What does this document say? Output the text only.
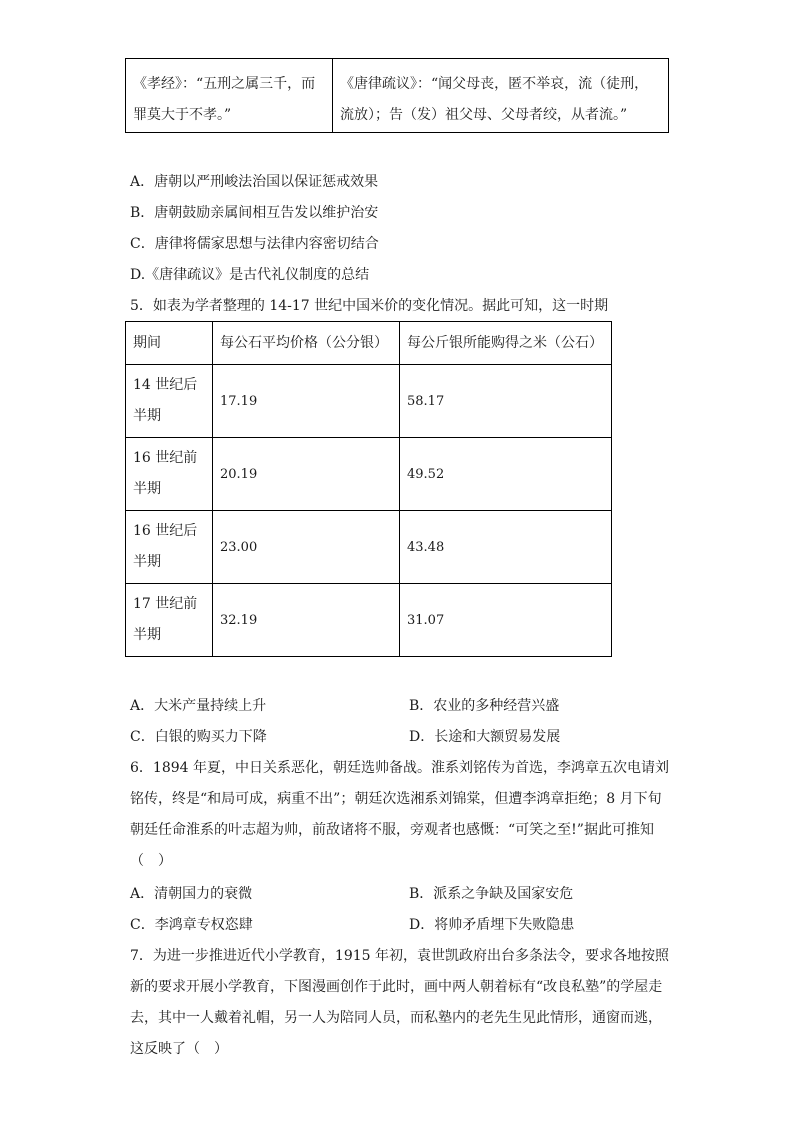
《孝经》：“五刑之属三千，而罪莫大于不孝。”
《唐律疏议》：“闻父母丧，匿不举哀，流（徒刑，流放）；告（发）祖父母、父母者绞，从者流。”
A．唐朝以严刑峻法治国以保证惩戒效果
B．唐朝鼓励亲属间相互告发以维护治安
C．唐律将儒家思想与法律内容密切结合
D.《唐律疏议》是古代礼仪制度的总结
5．如表为学者整理的 14-17 世纪中国米价的变化情况。据此可知，这一时期
期间	每公石平均价格（公分银）	每公斤银所能购得之米（公石）
14 世纪后半期	17.19	58.17
16 世纪前半期	20.19	49.52
16 世纪后半期	23.00	43.48
17 世纪前半期	32.19	31.07
A．大米产量持续上升	B．农业的多种经营兴盛
C．白银的购买力下降	D．长途和大额贸易发展
6．1894 年夏，中日关系恶化，朝廷选帅备战。淮系刘铭传为首选，李鸿章五次电请刘铭传，终是“和局可成，病重不出”；朝廷次选湘系刘锦棠，但遭李鸿章拒绝；8 月下旬朝廷任命淮系的叶志超为帅，前敌诸将不服，旁观者也感慨：“可笑之至!”据此可推知（　）
A．清朝国力的衰微	B．派系之争缺及国家安危
C．李鸿章专权恣肆	D．将帅矛盾埋下失败隐患
7．为进一步推进近代小学教育，1915 年初，袁世凯政府出台多条法令，要求各地按照新的要求开展小学教育，下图漫画创作于此时，画中两人朝着标有“改良私塾”的学屋走去，其中一人戴着礼帽，另一人为陪同人员，而私塾内的老先生见此情形，通窗而逃，这反映了（　）
